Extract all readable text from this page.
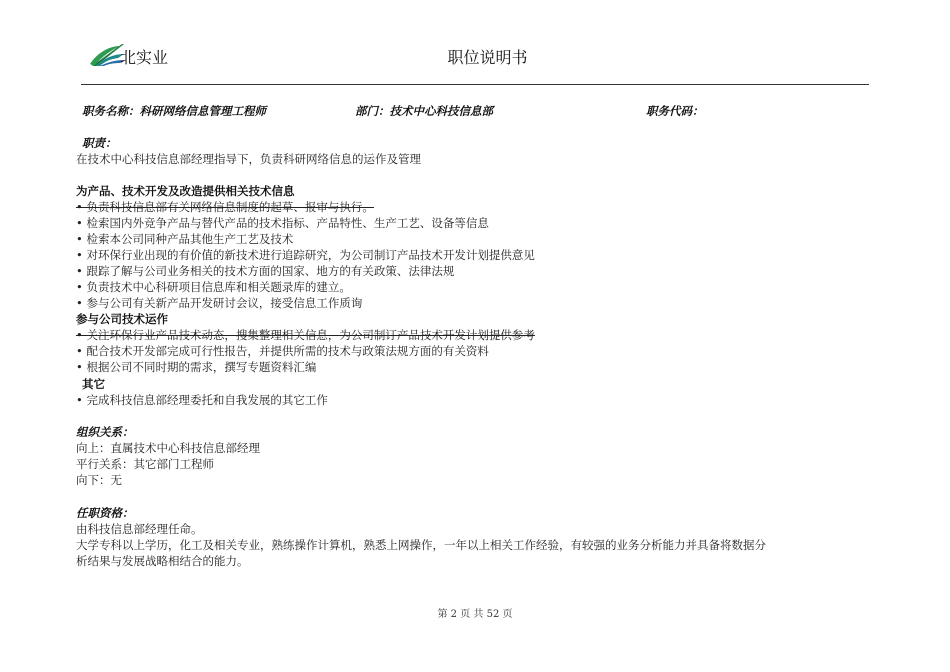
北实业	职位说明书
职务名称：科研网络信息管理工程师	部门：技术中心科技信息部	职务代码：
职责：
在技术中心科技信息部经理指导下，负责科研网络信息的运作及管理
为产品、技术开发及改造提供相关技术信息
• 负责科技信息部有关网络信息制度的起草、报审与执行。
• 检索国内外竞争产品与替代产品的技术指标、产品特性、生产工艺、设备等信息
• 检索本公司同种产品其他生产工艺及技术
• 对环保行业出现的有价值的新技术进行追踪研究，为公司制订产品技术开发计划提供意见
• 跟踪了解与公司业务相关的技术方面的国家、地方的有关政策、法律法规
• 负责技术中心科研项目信息库和相关题录库的建立。
• 参与公司有关新产品开发研讨会议，接受信息工作质询
参与公司技术运作
• 关注环保行业产品技术动态，搜集整理相关信息，为公司制订产品技术开发计划提供参考
• 配合技术开发部完成可行性报告，并提供所需的技术与政策法规方面的有关资料
• 根据公司不同时期的需求，撰写专题资料汇编
其它
• 完成科技信息部经理委托和自我发展的其它工作
组织关系：
向上：直属技术中心科技信息部经理
平行关系：其它部门工程师
向下：无
任职资格：
由科技信息部经理任命。
大学专科以上学历，化工及相关专业，熟练操作计算机，熟悉上网操作，一年以上相关工作经验，有较强的业务分析能力并具备将数据分
析结果与发展战略相结合的能力。
第 2 页 共 52 页
